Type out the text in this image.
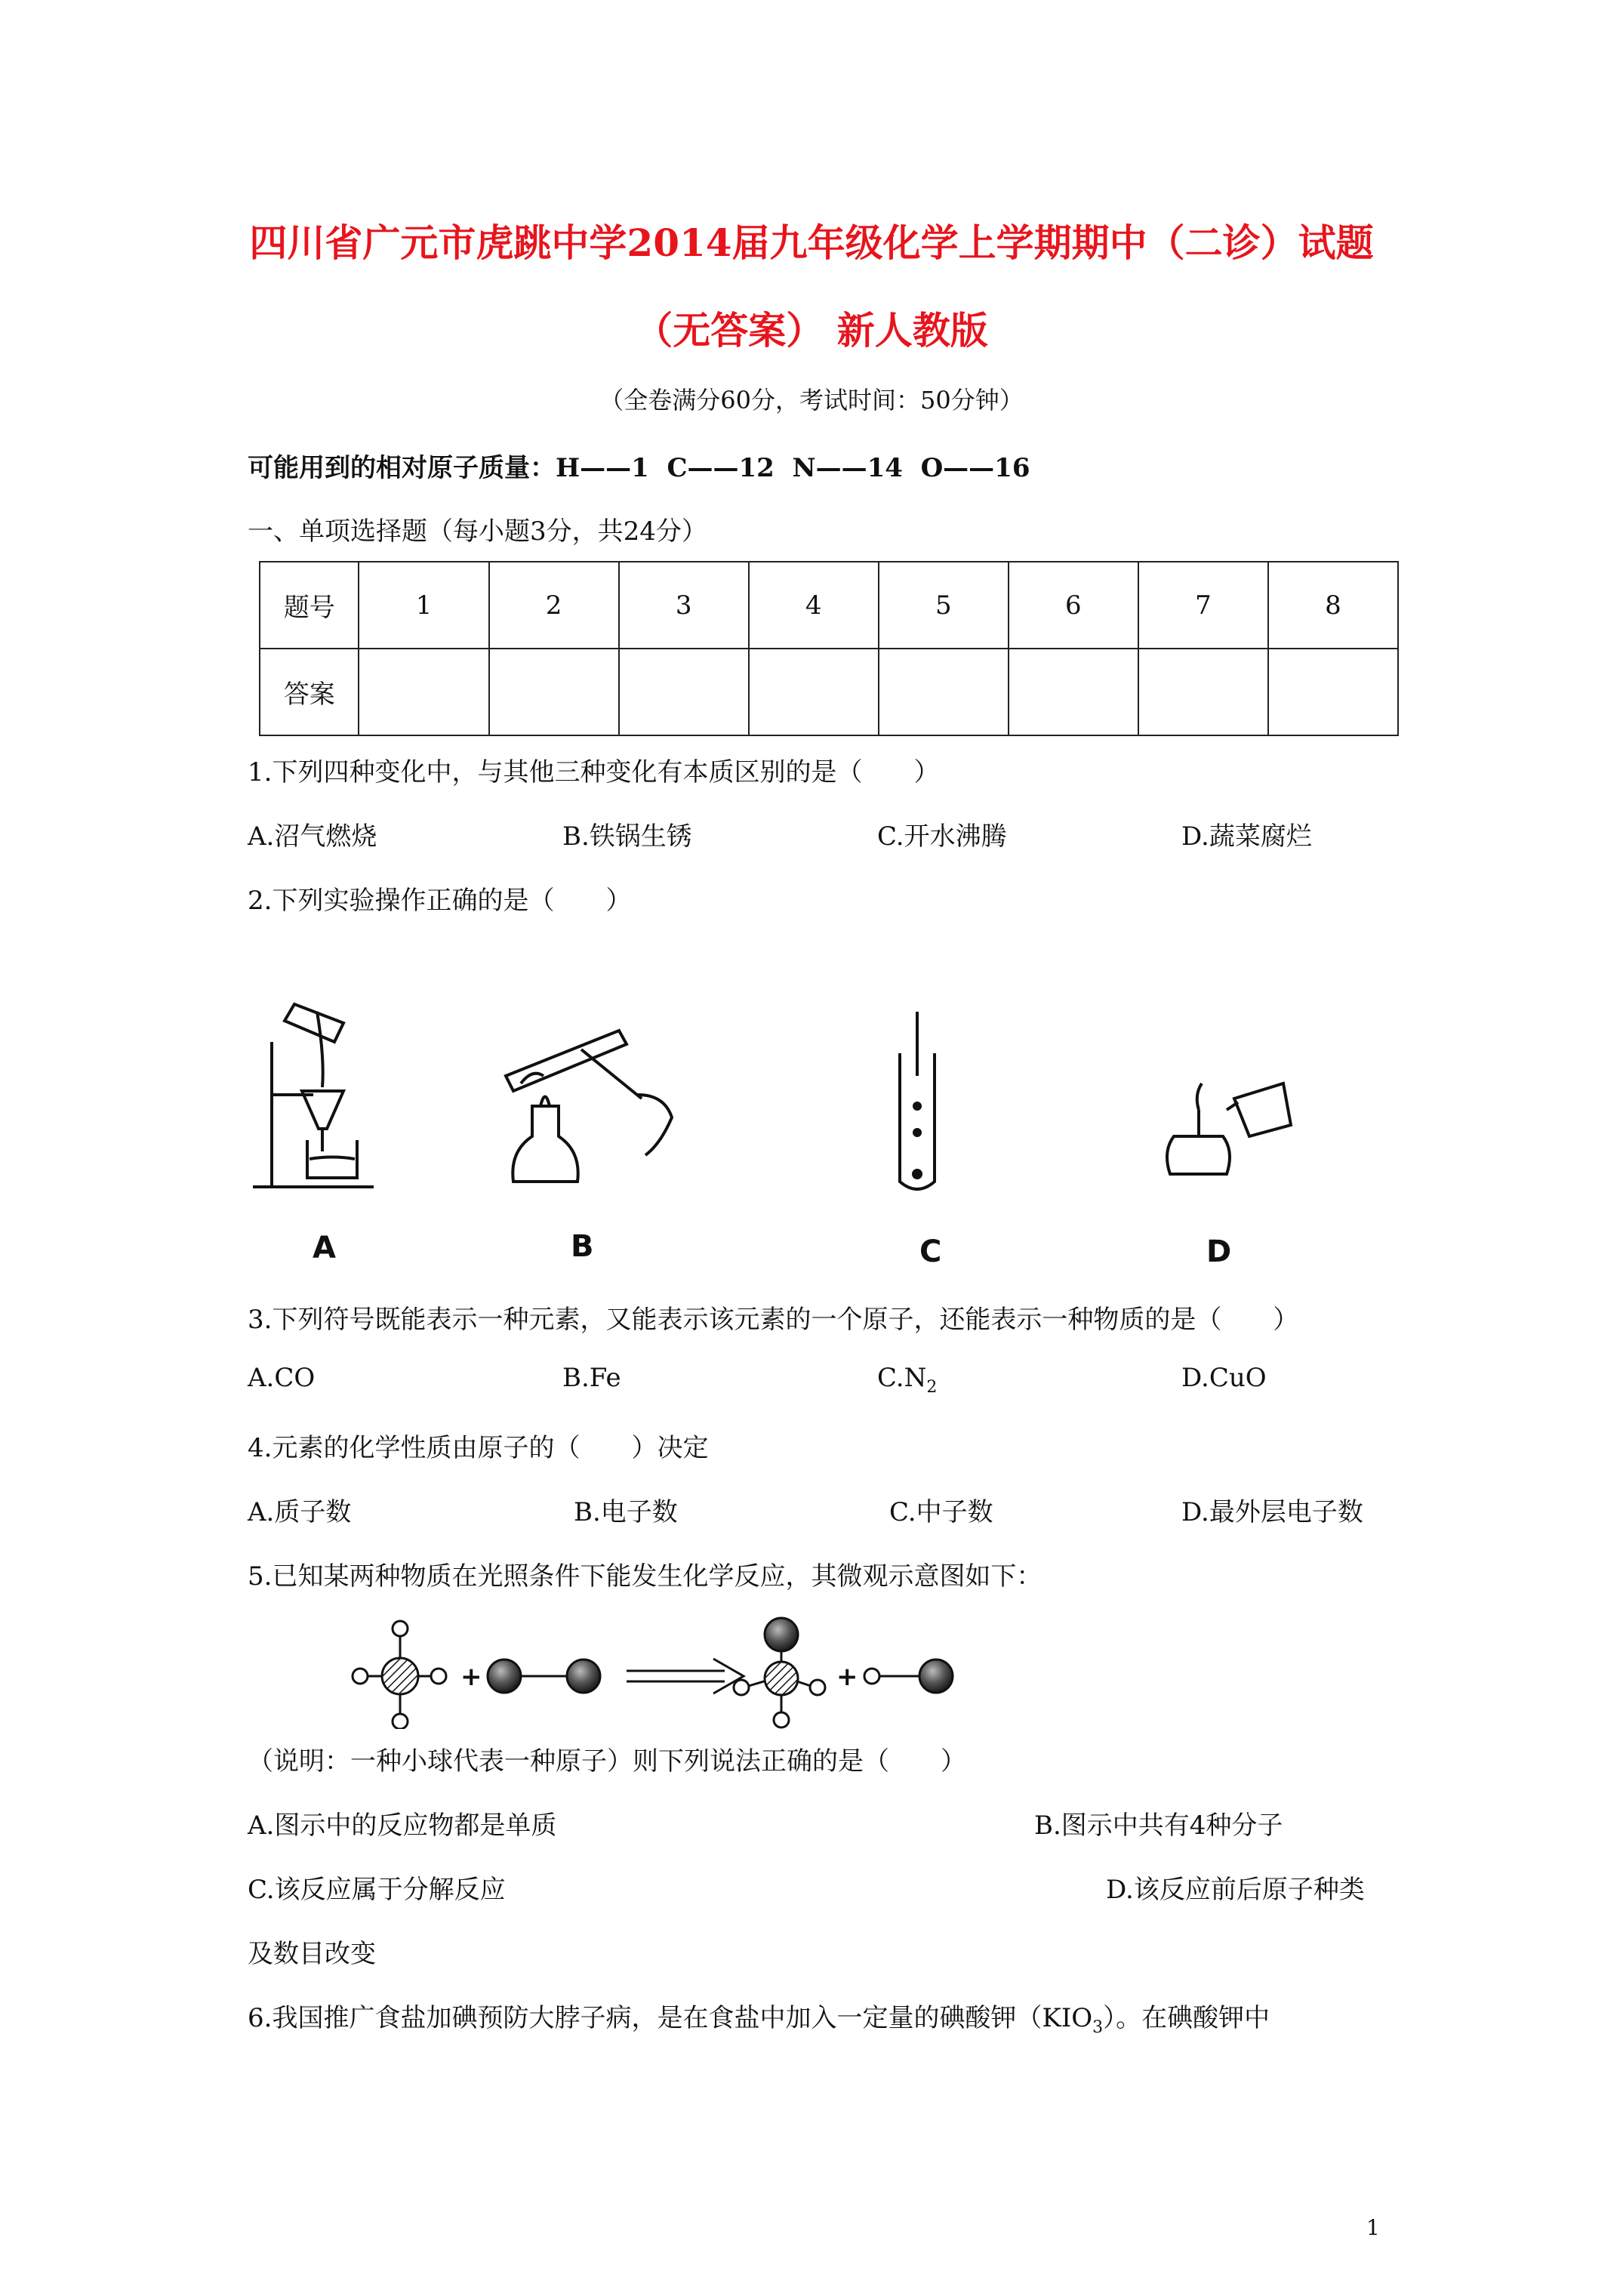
四川省广元市虎跳中学2014届九年级化学上学期期中（二诊）试题
（无答案） 新人教版
（全卷满分60分，考试时间：50分钟）
可能用到的相对原子质量：H——1  C——12  N——14  O——16
一、单项选择题（每小题3分，共24分）
题号	1	2	3	4	5	6	7	8
答案								
1.下列四种变化中，与其他三种变化有本质区别的是（　　）
A.沼气燃烧	B.铁锅生锈	C.开水沸腾	D.蔬菜腐烂
2.下列实验操作正确的是（　　）
A	B	C	D
3.下列符号既能表示一种元素，又能表示该元素的一个原子，还能表示一种物质的是（　　）
A.CO	B.Fe	$C.N_2$	D.CuO
4.元素的化学性质由原子的（　　）决定
A.质子数	B.电子数	C.中子数	D.最外层电子数
5.已知某两种物质在光照条件下能发生化学反应，其微观示意图如下：
+	+
（说明：一种小球代表一种原子）则下列说法正确的是（　　）
A.图示中的反应物都是单质	B.图示中共有4种分子
C.该反应属于分解反应	D.该反应前后原子种类
及数目改变
6.我国推广食盐加碘预防大脖子病，是在食盐中加入一定量的碘酸钾$(KIO_3)$。在碘酸钾中
1
